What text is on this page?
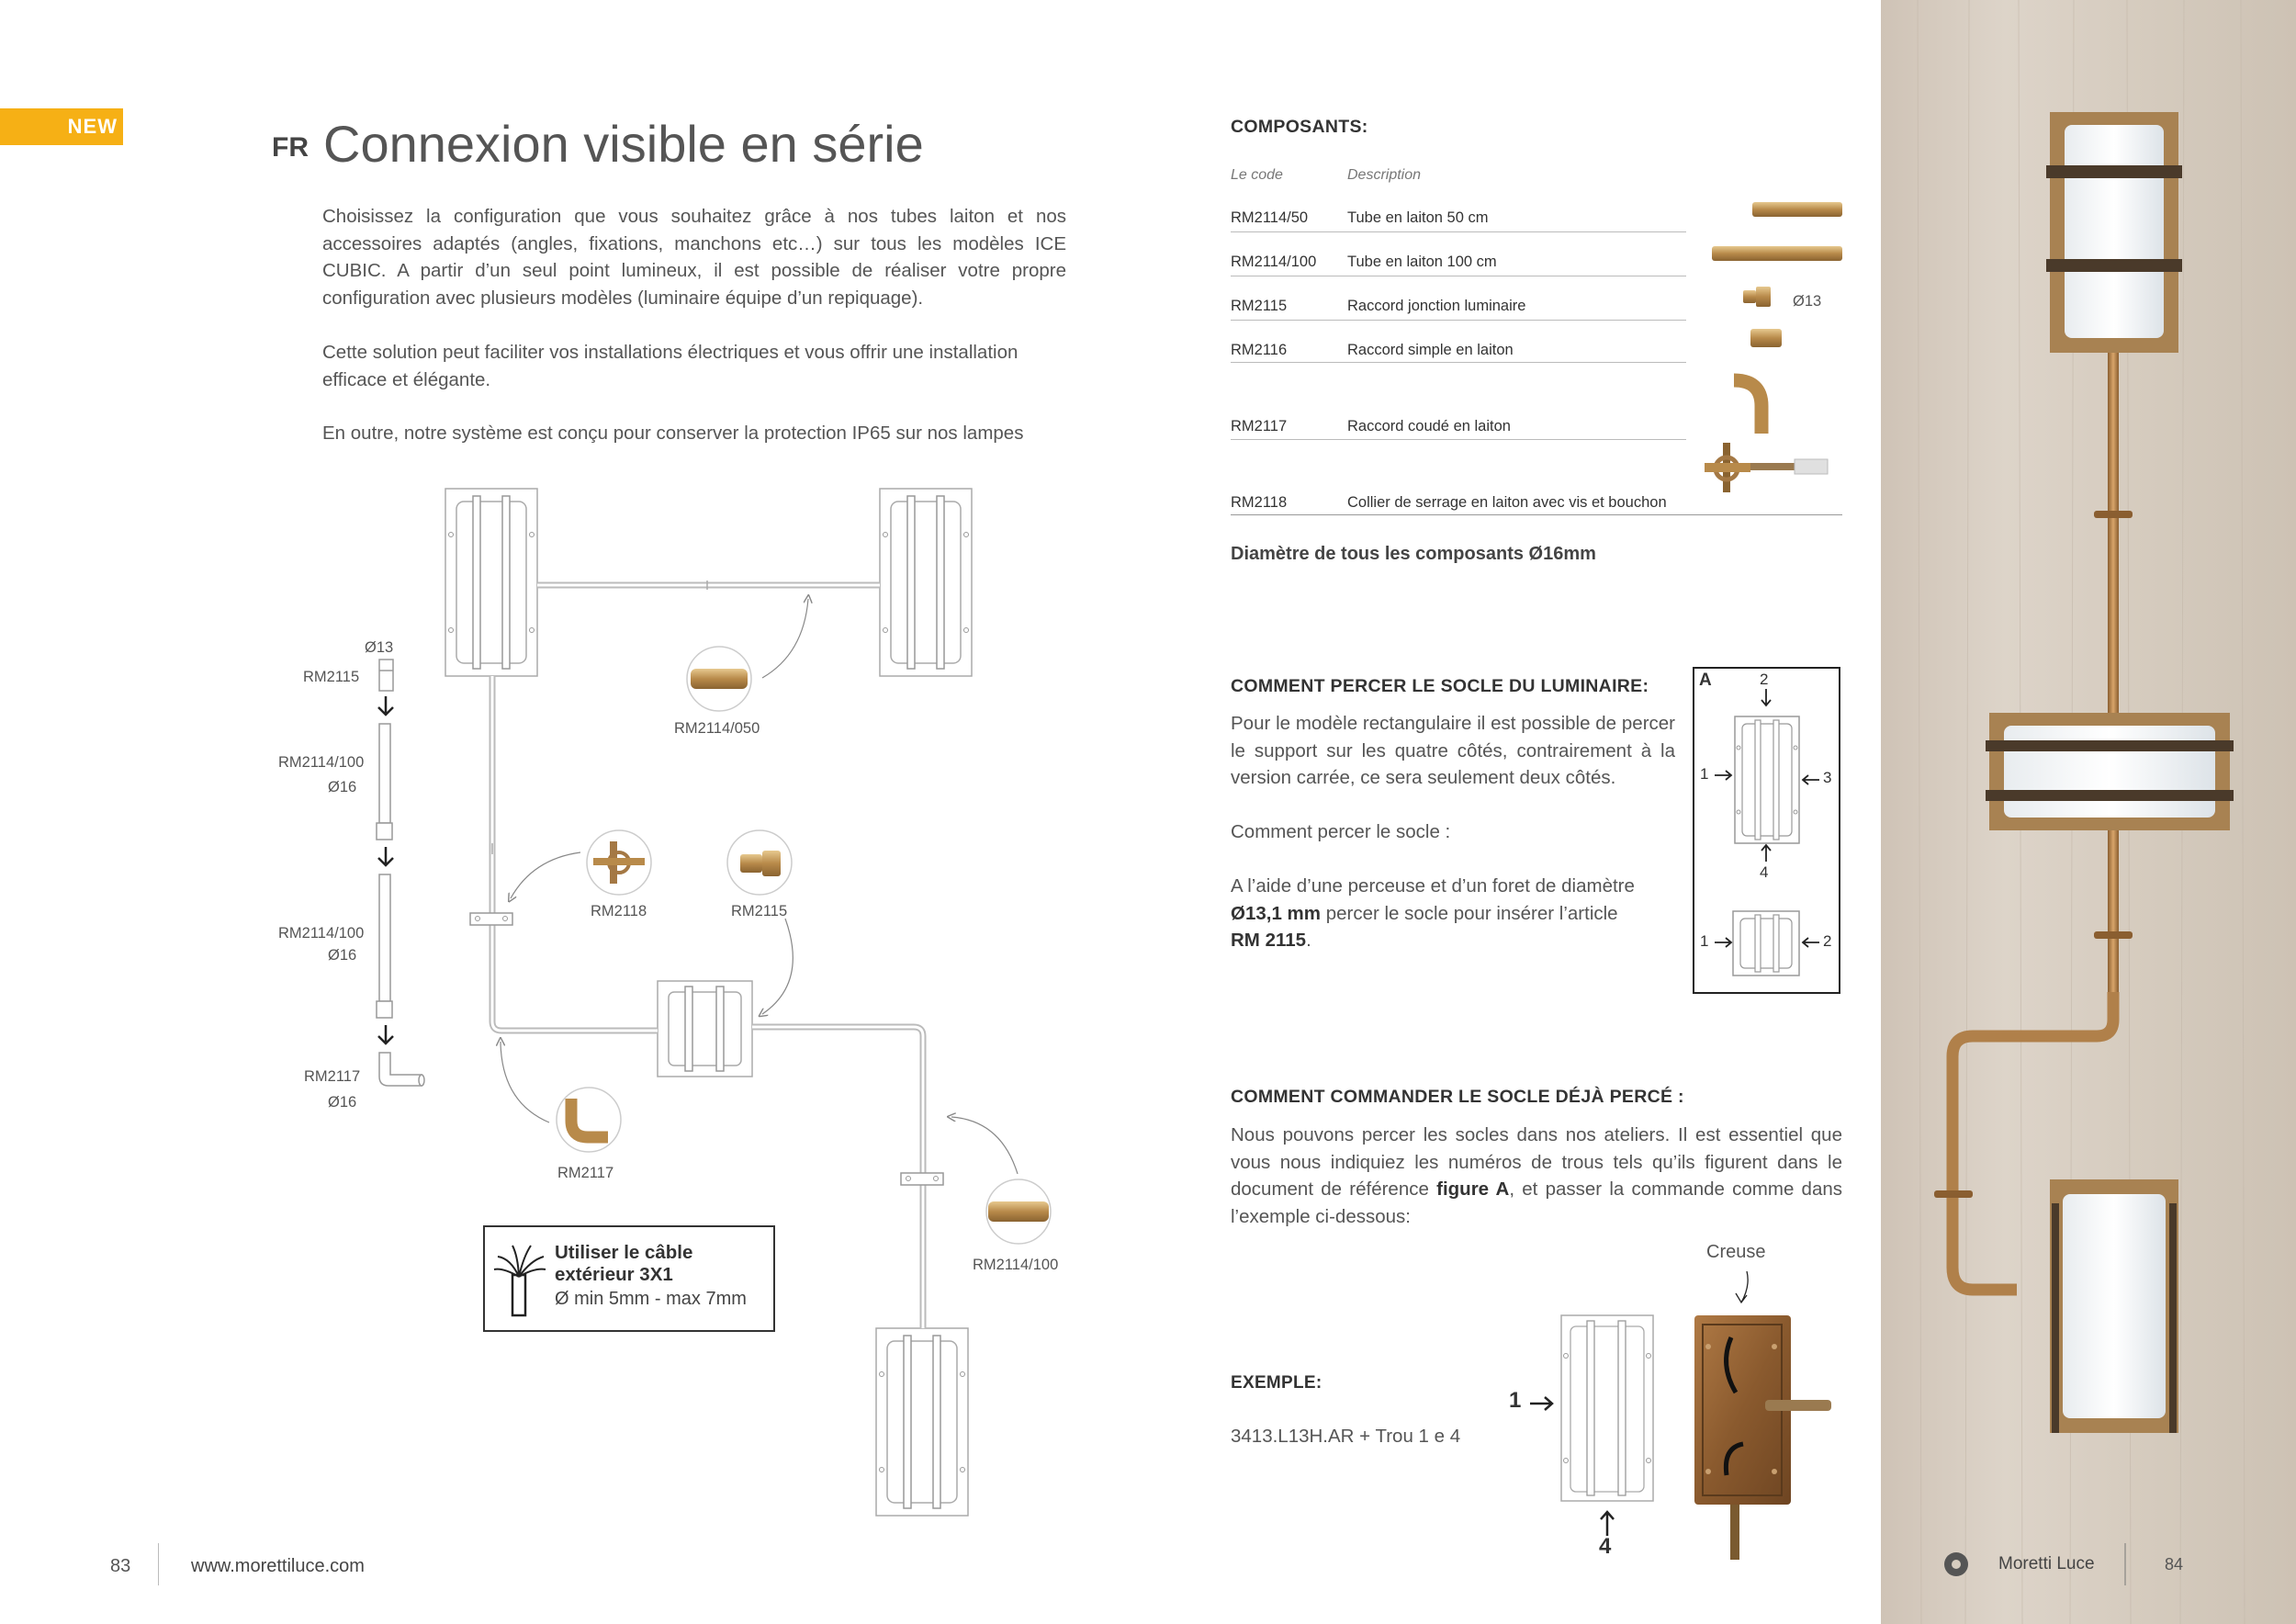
NEW
FR Connexion visible en série

Choisissez la configuration que vous souhaitez grâce à nos tubes laiton et nos accessoires adaptés (angles, fixations, manchons etc…) sur tous les modèles ICE CUBIC. A partir d’un seul point lumineux, il est possible de réaliser votre propre configuration avec plusieurs modèles (luminaire équipe d’un repiquage).

Cette solution peut faciliter vos installations électriques et vous offrir une installation efficace et élégante.

En outre, notre système est conçu pour conserver la protection IP65 sur nos lampes

Ø13
RM2115
RM2114/100
Ø16
RM2114/100
Ø16
RM2117
Ø16
RM2114/050
RM2118	RM2115
RM2117
RM2114/100
Utiliser le câble
extérieur 3X1
Ø min 5mm - max 7mm
83	www.morettiluce.com
COMPOSANTS:
Le code	Description
RM2114/50	Tube en laiton 50 cm
RM2114/100 Tube en laiton 100 cm
RM2115	Raccord jonction luminaire
RM2116	Raccord simple en laiton
RM2117	Raccord coudé en laiton
RM2118	Collier de serrage en laiton avec vis et bouchon
Ø13
Diamètre de tous les composants Ø16mm
COMMENT PERCER LE SOCLE DU LUMINAIRE:

Pour le modèle rectangulaire il est possible de percer le support sur les quatre côtés, contrairement à la version carrée, ce sera seulement deux côtés.

Comment percer le socle :

A l’aide d’une perceuse et d’un foret de diamètre
Ø13,1 mm percer le socle pour insérer l’article
RM 2115.

A	2
1	3
4
1	2
COMMENT COMMANDER LE SOCLE DÉJÀ PERCÉ :

Nous pouvons percer les socles dans nos ateliers. Il est essentiel que vous nous indiquiez les numéros de trous tels qu’ils figurent dans le document de référence figure A, et passer la commande comme dans l’exemple ci-dessous:

Creuse
EXEMPLE:
3413.L13H.AR + Trou 1 e 4
1
4
Moretti Luce	84
